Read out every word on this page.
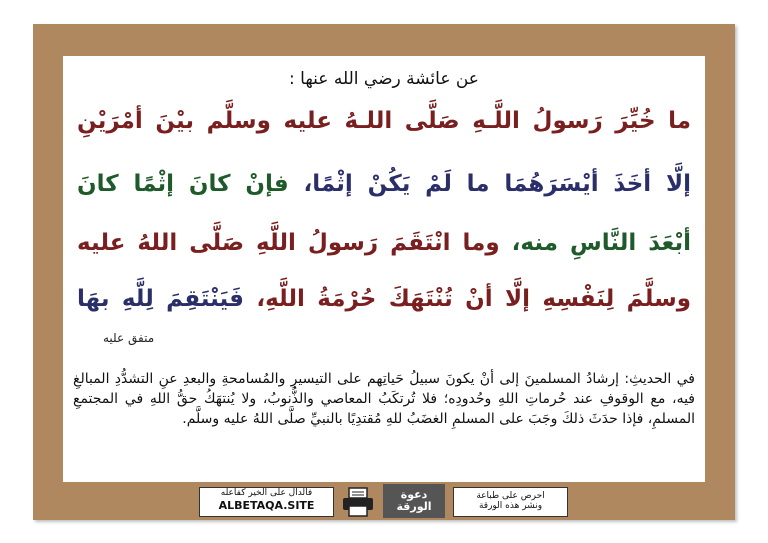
عن عائشة رضي الله عنها :
ما خُيِّرَ رَسولُ اللَّـهِ صَلَّى اللـهُ عليه وسلَّم بيْنَ أمْرَيْنِ
إلَّا أخَذَ أيْسَرَهُمَا ما لَمْ يَكُنْ إثْمًا، فإنْ كانَ إثْمًا كانَ
أبْعَدَ النَّاسِ منه، وما انْتَقَمَ رَسولُ اللَّهِ صَلَّى اللهُ عليه
وسلَّمَ لِنَفْسِهِ إلَّا أنْ تُنْتَهَكَ حُرْمَةُ اللَّهِ، فَيَنْتَقِمَ لِلَّهِ بهَا
متفق عليه
في الحديثِ: إرشادُ المسلمينَ إلى أنْ يكونَ سبيلُ حَياتِهم على التيسيرِ والمُسامحةِ والبعدِ عنِ التشدُّدِ المبالغِ فيه، مع الوقوفِ عند حُرماتِ اللهِ وحُدودِه؛ فلا تُرتكَبُ المعاصي والذُّنوبُ، ولا يُنتهَكُ حقُّ اللهِ في المجتمعِ المسلمِ، فإذا حدَثَ ذلكَ وجَبَ على المسلمِ الغضَبُ للهِ مُقتدِيًا بالنبيِّ صلَّى اللهُ عليه وسلَّم.
فالدال على الخير كفاعله
ALBETAQA.SITE
دعوة الورقة
احرص على طباعة
ونشر هذه الورقة
